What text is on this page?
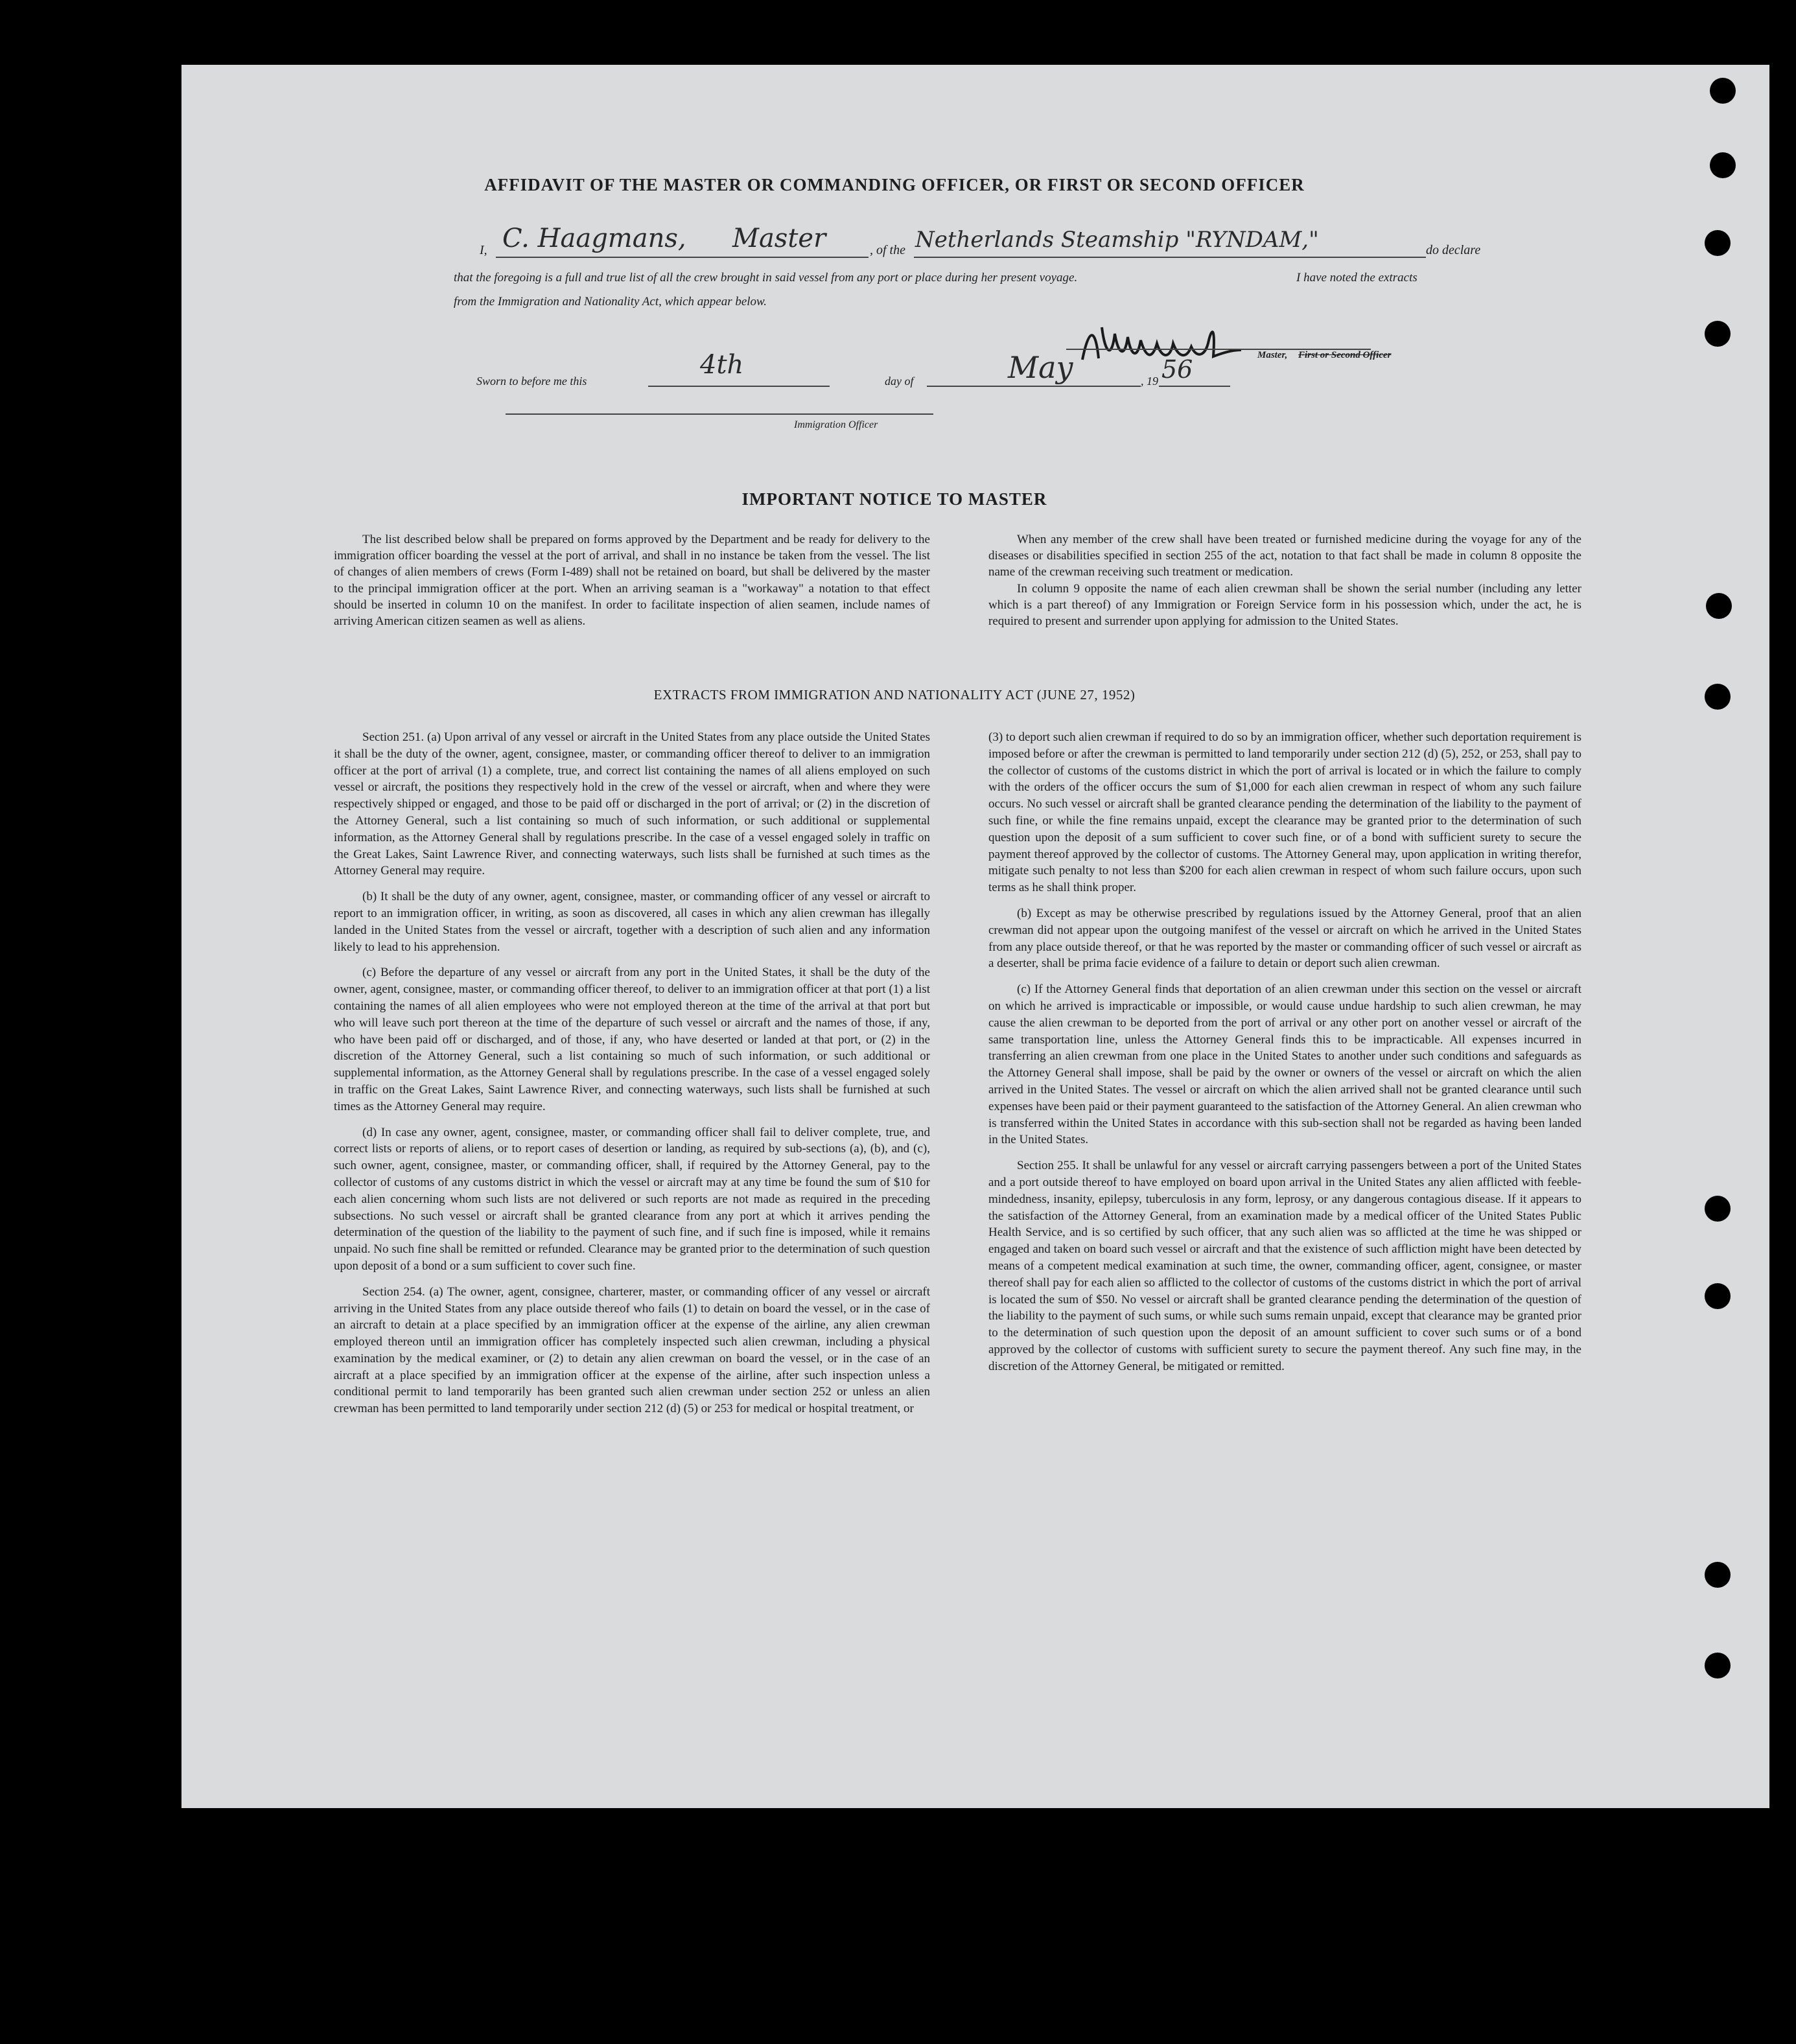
AFFIDAVIT OF THE MASTER OR COMMANDING OFFICER, OR FIRST OR SECOND OFFICER
I, C. Haagmans, Master	, of the Netherlands Steamship "RYNDAM,"	do declare
that the foregoing is a full and true list of all the crew brought in said vessel from any port or place during her present voyage.	I have noted the extracts
from the Immigration and Nationality Act, which appear below.
Master, First or Second Officer
Sworn to before me this
4th
day of	May	, 19 56
Immigration Officer
IMPORTANT NOTICE TO MASTER

The list described below shall be prepared on forms approved by the Department and be ready for delivery to the immigration officer boarding the vessel at the port of arrival, and shall in no instance be taken from the vessel. The list of changes of alien members of crews (Form I-489) shall not be retained on board, but shall be delivered by the master to the principal immigration officer at the port. When an arriving seaman is a "workaway" a notation to that effect should be inserted in column 10 on the manifest. In order to facilitate inspection of alien seamen, include names of arriving American citizen seamen as well as aliens.

When any member of the crew shall have been treated or furnished medicine during the voyage for any of the diseases or disabilities specified in section 255 of the act, notation to that fact shall be made in column 8 opposite the name of the crewman receiving such treatment or medication.

In column 9 opposite the name of each alien crewman shall be shown the serial number (including any letter which is a part thereof) of any Immigration or Foreign Service form in his possession which, under the act, he is required to present and surrender upon applying for admission to the United States.

EXTRACTS FROM IMMIGRATION AND NATIONALITY ACT (JUNE 27, 1952)

Section 251. (a) Upon arrival of any vessel or aircraft in the United States from any place outside the United States it shall be the duty of the owner, agent, consignee, master, or commanding officer thereof to deliver to an immigration officer at the port of arrival (1) a complete, true, and correct list containing the names of all aliens employed on such vessel or aircraft, the positions they respectively hold in the crew of the vessel or aircraft, when and where they were respectively shipped or engaged, and those to be paid off or discharged in the port of arrival; or (2) in the discretion of the Attorney General, such a list containing so much of such information, or such additional or supplemental information, as the Attorney General shall by regulations prescribe. In the case of a vessel engaged solely in traffic on the Great Lakes, Saint Lawrence River, and connecting waterways, such lists shall be furnished at such times as the Attorney General may require.

(b) It shall be the duty of any owner, agent, consignee, master, or commanding officer of any vessel or aircraft to report to an immigration officer, in writing, as soon as discovered, all cases in which any alien crewman has illegally landed in the United States from the vessel or aircraft, together with a description of such alien and any information likely to lead to his apprehension.

(c) Before the departure of any vessel or aircraft from any port in the United States, it shall be the duty of the owner, agent, consignee, master, or commanding officer thereof, to deliver to an immigration officer at that port (1) a list containing the names of all alien employees who were not employed thereon at the time of the arrival at that port but who will leave such port thereon at the time of the departure of such vessel or aircraft and the names of those, if any, who have been paid off or discharged, and of those, if any, who have deserted or landed at that port, or (2) in the discretion of the Attorney General, such a list containing so much of such information, or such additional or supplemental information, as the Attorney General shall by regulations prescribe. In the case of a vessel engaged solely in traffic on the Great Lakes, Saint Lawrence River, and connecting waterways, such lists shall be furnished at such times as the Attorney General may require.

(d) In case any owner, agent, consignee, master, or commanding officer shall fail to deliver complete, true, and correct lists or reports of aliens, or to report cases of desertion or landing, as required by sub-sections (a), (b), and (c), such owner, agent, consignee, master, or commanding officer, shall, if required by the Attorney General, pay to the collector of customs of any customs district in which the vessel or aircraft may at any time be found the sum of $10 for each alien concerning whom such lists are not delivered or such reports are not made as required in the preceding subsections. No such vessel or aircraft shall be granted clearance from any port at which it arrives pending the determination of the question of the liability to the payment of such fine, and if such fine is imposed, while it remains unpaid. No such fine shall be remitted or refunded. Clearance may be granted prior to the determination of such question upon deposit of a bond or a sum sufficient to cover such fine.

Section 254. (a) The owner, agent, consignee, charterer, master, or commanding officer of any vessel or aircraft arriving in the United States from any place outside thereof who fails (1) to detain on board the vessel, or in the case of an aircraft to detain at a place specified by an immigration officer at the expense of the airline, any alien crewman employed thereon until an immigration officer has completely inspected such alien crewman, including a physical examination by the medical examiner, or (2) to detain any alien crewman on board the vessel, or in the case of an aircraft at a place specified by an immigration officer at the expense of the airline, after such inspection unless a conditional permit to land temporarily has been granted such alien crewman under section 252 or unless an alien crewman has been permitted to land temporarily under section 212 (d) (5) or 253 for medical or hospital treatment, or

(3) to deport such alien crewman if required to do so by an immigration officer, whether such deportation requirement is imposed before or after the crewman is permitted to land temporarily under section 212 (d) (5), 252, or 253, shall pay to the collector of customs of the customs district in which the port of arrival is located or in which the failure to comply with the orders of the officer occurs the sum of $1,000 for each alien crewman in respect of whom any such failure occurs. No such vessel or aircraft shall be granted clearance pending the determination of the liability to the payment of such fine, or while the fine remains unpaid, except the clearance may be granted prior to the determination of such question upon the deposit of a sum sufficient to cover such fine, or of a bond with sufficient surety to secure the payment thereof approved by the collector of customs. The Attorney General may, upon application in writing therefor, mitigate such penalty to not less than $200 for each alien crewman in respect of whom such failure occurs, upon such terms as he shall think proper.

(b) Except as may be otherwise prescribed by regulations issued by the Attorney General, proof that an alien crewman did not appear upon the outgoing manifest of the vessel or aircraft on which he arrived in the United States from any place outside thereof, or that he was reported by the master or commanding officer of such vessel or aircraft as a deserter, shall be prima facie evidence of a failure to detain or deport such alien crewman.

(c) If the Attorney General finds that deportation of an alien crewman under this section on the vessel or aircraft on which he arrived is impracticable or impossible, or would cause undue hardship to such alien crewman, he may cause the alien crewman to be deported from the port of arrival or any other port on another vessel or aircraft of the same transportation line, unless the Attorney General finds this to be impracticable. All expenses incurred in transferring an alien crewman from one place in the United States to another under such conditions and safeguards as the Attorney General shall impose, shall be paid by the owner or owners of the vessel or aircraft on which the alien arrived in the United States. The vessel or aircraft on which the alien arrived shall not be granted clearance until such expenses have been paid or their payment guaranteed to the satisfaction of the Attorney General. An alien crewman who is transferred within the United States in accordance with this sub-section shall not be regarded as having been landed in the United States.

Section 255. It shall be unlawful for any vessel or aircraft carrying passengers between a port of the United States and a port outside thereof to have employed on board upon arrival in the United States any alien afflicted with feeble-mindedness, insanity, epilepsy, tuberculosis in any form, leprosy, or any dangerous contagious disease. If it appears to the satisfaction of the Attorney General, from an examination made by a medical officer of the United States Public Health Service, and is so certified by such officer, that any such alien was so afflicted at the time he was shipped or engaged and taken on board such vessel or aircraft and that the existence of such affliction might have been detected by means of a competent medical examination at such time, the owner, commanding officer, agent, consignee, or master thereof shall pay for each alien so afflicted to the collector of customs of the customs district in which the port of arrival is located the sum of $50. No vessel or aircraft shall be granted clearance pending the determination of the question of the liability to the payment of such sums, or while such sums remain unpaid, except that clearance may be granted prior to the determination of such question upon the deposit of an amount sufficient to cover such sums or of a bond approved by the collector of customs with sufficient surety to secure the payment thereof. Any such fine may, in the discretion of the Attorney General, be mitigated or remitted.
